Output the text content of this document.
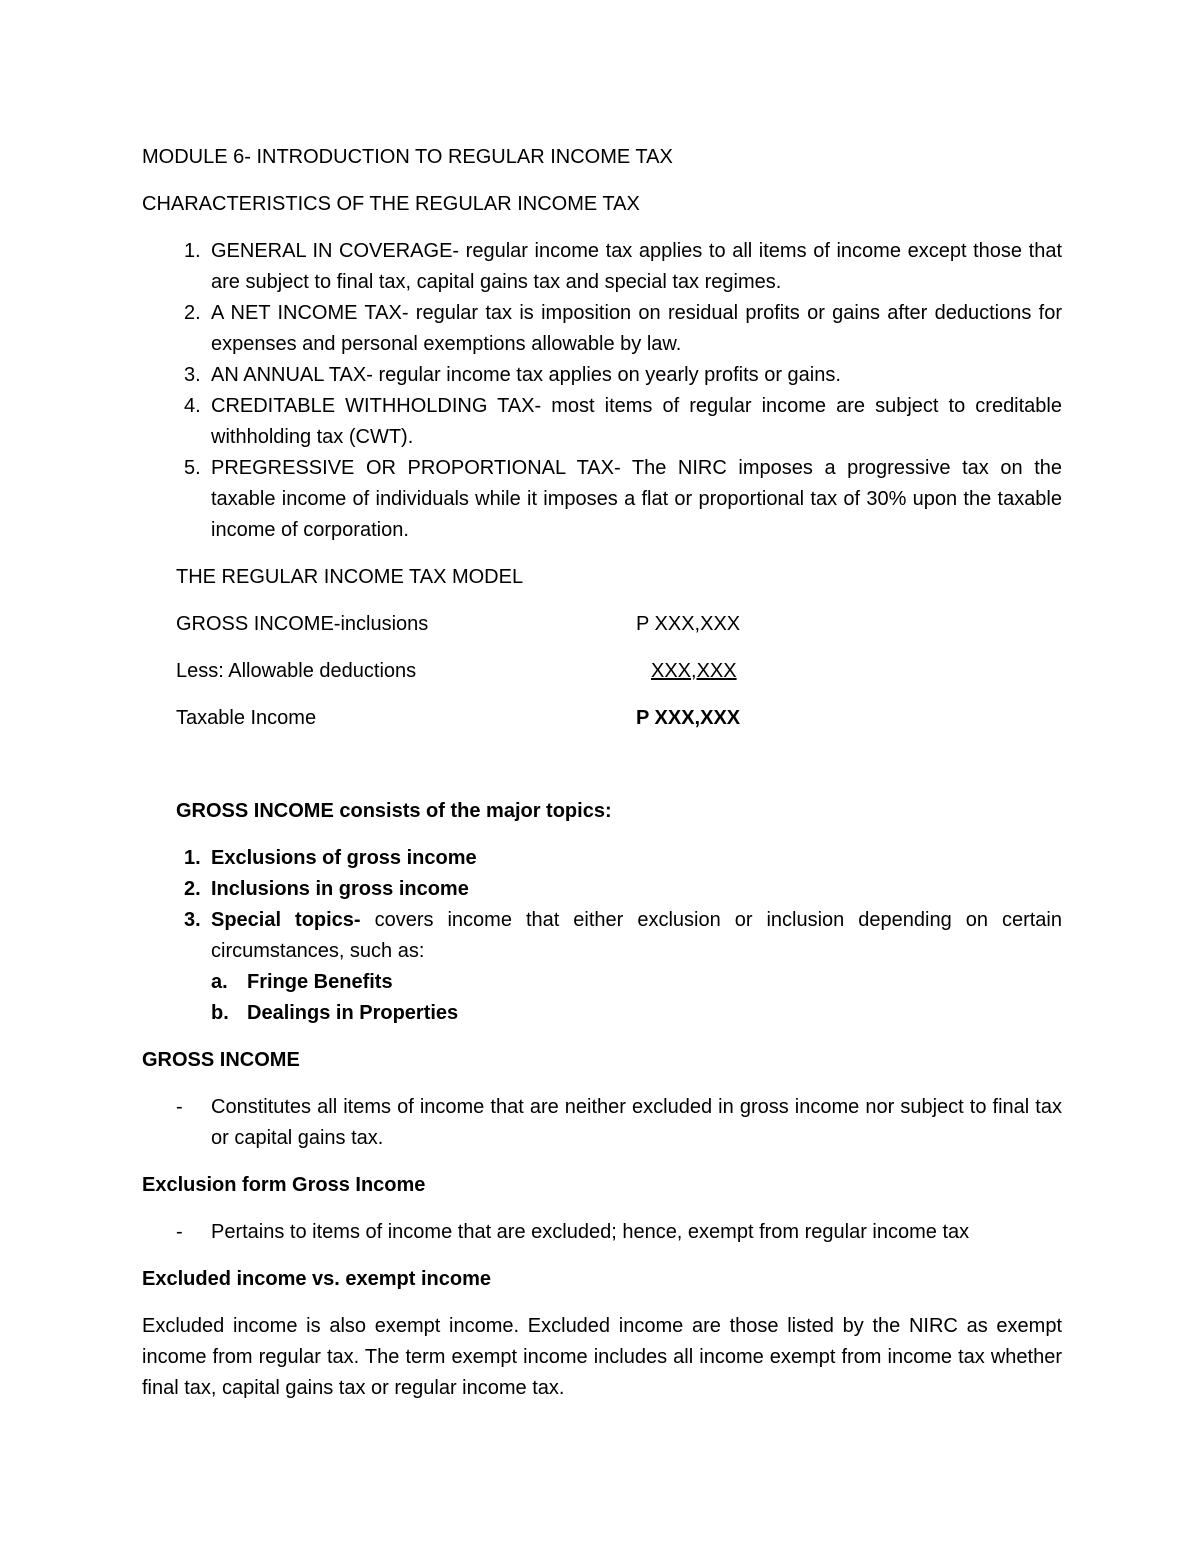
MODULE 6- INTRODUCTION TO REGULAR INCOME TAX

CHARACTERISTICS OF THE REGULAR INCOME TAX

1. GENERAL IN COVERAGE- regular income tax applies to all items of income except those that are subject to final tax, capital gains tax and special tax regimes.
2. A NET INCOME TAX- regular tax is imposition on residual profits or gains after deductions for expenses and personal exemptions allowable by law.
3. AN ANNUAL TAX- regular income tax applies on yearly profits or gains.
4. CREDITABLE WITHHOLDING TAX- most items of regular income are subject to creditable withholding tax (CWT).
5. PREGRESSIVE OR PROPORTIONAL TAX- The NIRC imposes a progressive tax on the taxable income of individuals while it imposes a flat or proportional tax of 30% upon the taxable income of corporation.

THE REGULAR INCOME TAX MODEL

GROSS INCOME-inclusions	P XXX,XXX
Less: Allowable deductions	XXX,XXX
Taxable Income	P XXX,XXX

GROSS INCOME consists of the major topics:

1. Exclusions of gross income
2. Inclusions in gross income
3. Special topics- covers income that either exclusion or inclusion depending on certain circumstances, such as:
a. Fringe Benefits
b. Dealings in Properties

GROSS INCOME

- Constitutes all items of income that are neither excluded in gross income nor subject to final tax or capital gains tax.

Exclusion form Gross Income

- Pertains to items of income that are excluded; hence, exempt from regular income tax

Excluded income vs. exempt income

Excluded income is also exempt income. Excluded income are those listed by the NIRC as exempt income from regular tax. The term exempt income includes all income exempt from income tax whether final tax, capital gains tax or regular income tax.
